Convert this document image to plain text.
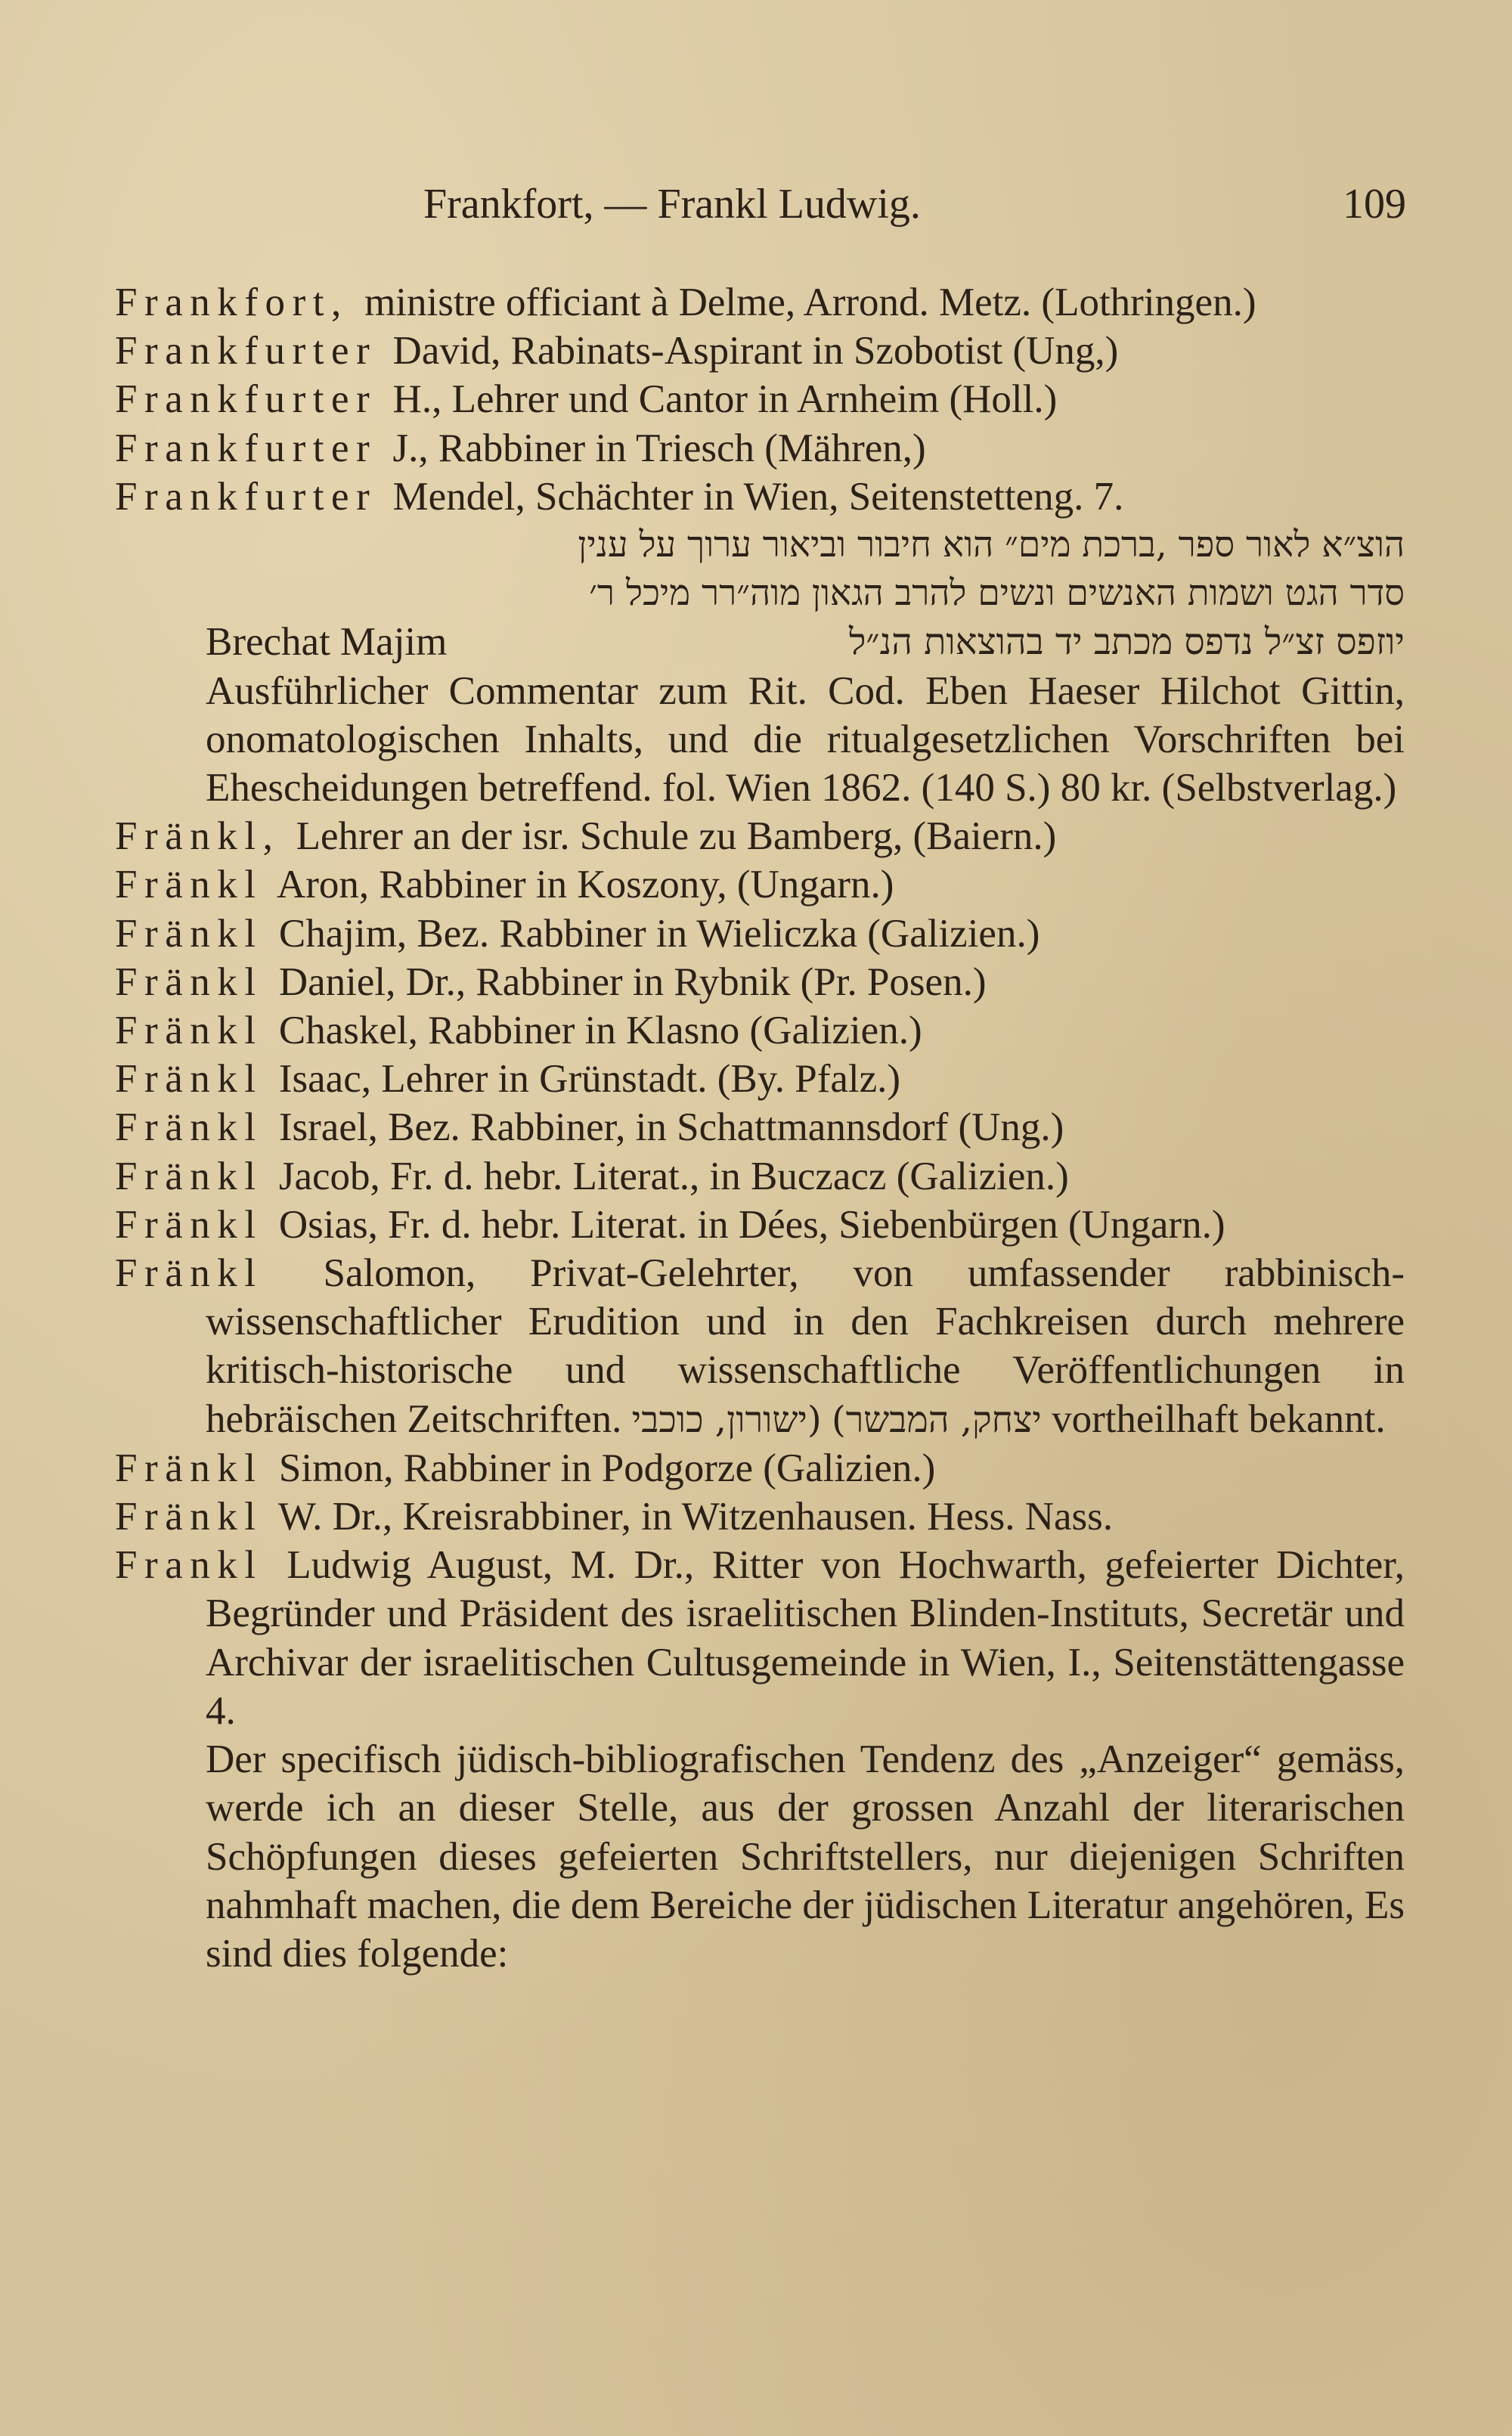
Frankfort, — Frankl Ludwig.	109
Frankfort, ministre officiant à Delme, Arrond. Metz. (Lothringen.)
Frankfurter David, Rabinats-Aspirant in Szobotist (Ung,)
Frankfurter H., Lehrer und Cantor in Arnheim (Holl.)
Frankfurter J., Rabbiner in Triesch (Mähren,)
Frankfurter Mendel, Schächter in Wien, Seitenstetteng. 7.
הוצ״א לאור ספר ,ברכת מים״ הוא חיבור וביאור ערוך על ענין
סדר הגט ושמות האנשים ונשים להרב הגאון מוה״רר מיכל ר׳
Brechat Majim	יוזפס זצ״ל נדפס מכתב יד בהוצאות הנ״ל
Ausführlicher Commentar zum Rit. Cod. Eben Haeser Hilchot Gittin, onomatologischen Inhalts, und die ritualgesetzlichen Vorschriften bei Ehescheidungen betreffend. fol. Wien 1862. (140 S.) 80 kr. (Selbstverlag.)
Fränkl, Lehrer an der isr. Schule zu Bamberg, (Baiern.)
Fränkl Aron, Rabbiner in Koszony, (Ungarn.)
Fränkl Chajim, Bez. Rabbiner in Wieliczka (Galizien.)
Fränkl Daniel, Dr., Rabbiner in Rybnik (Pr. Posen.)
Fränkl Chaskel, Rabbiner in Klasno (Galizien.)
Fränkl Isaac, Lehrer in Grünstadt. (By. Pfalz.)
Fränkl Israel, Bez. Rabbiner, in Schattmannsdorf (Ung.)
Fränkl Jacob, Fr. d. hebr. Literat., in Buczacz (Galizien.)
Fränkl Osias, Fr. d. hebr. Literat. in Dées, Siebenbürgen (Ungarn.)
Fränkl Salomon, Privat-Gelehrter, von umfassender rabbinisch-wissenschaftlicher Erudition und in den Fachkreisen durch mehrere kritisch-historische und wissenschaftliche Veröffentlichungen in hebräischen Zeitschriften. (ישורון, כוכבי יצחק, המבשר) vortheilhaft bekannt.
Fränkl Simon, Rabbiner in Podgorze (Galizien.)
Fränkl W. Dr., Kreisrabbiner, in Witzenhausen. Hess. Nass.
Frankl Ludwig August, M. Dr., Ritter von Hochwarth, gefeierter Dichter, Begründer und Präsident des israelitischen Blinden-Instituts, Secretär und Archivar der israelitischen Cultusgemeinde in Wien, I., Seitenstättengasse 4.
Der specifisch jüdisch-bibliografischen Tendenz des „Anzeiger“ gemäss, werde ich an dieser Stelle, aus der grossen Anzahl der literarischen Schöpfungen dieses gefeierten Schriftstellers, nur diejenigen Schriften nahmhaft machen, die dem Bereiche der jüdischen Literatur angehören, Es sind dies folgende:
